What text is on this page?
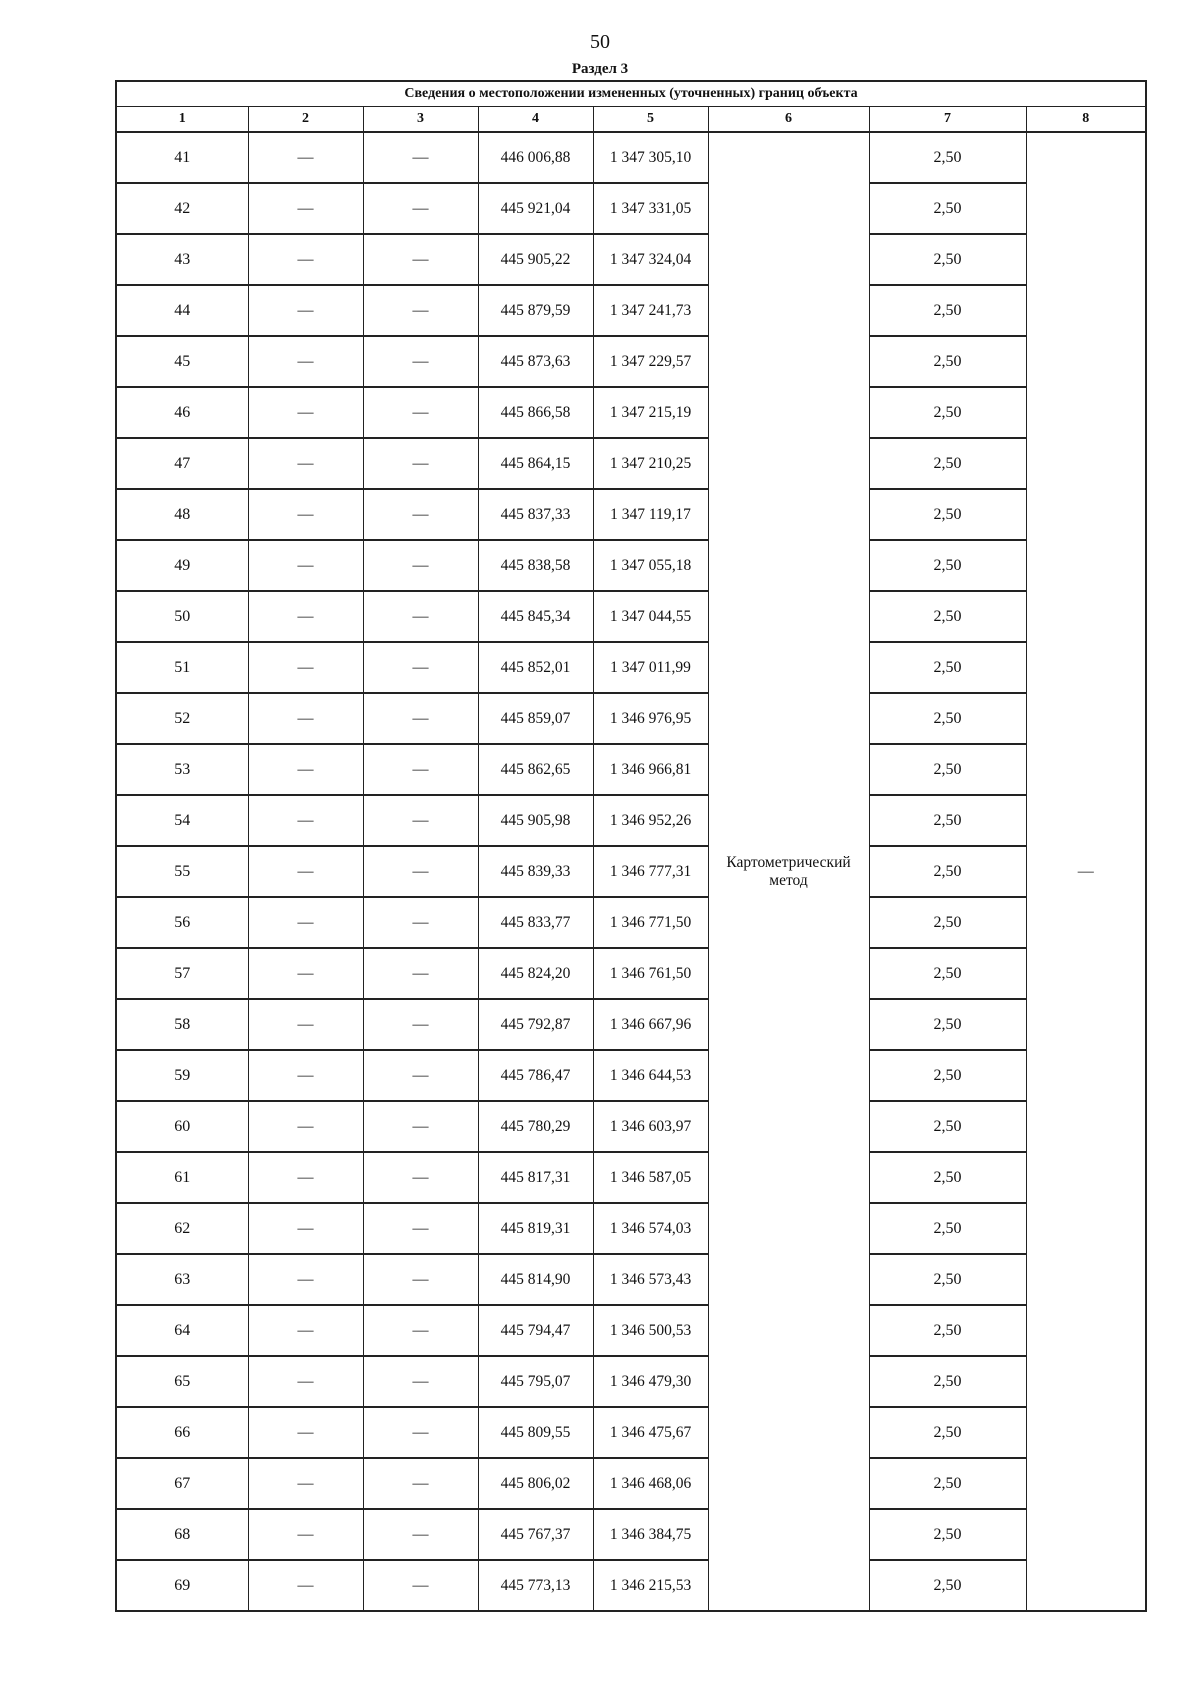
50
Раздел 3
Сведения о местоположении измененных (уточненных) границ объекта							
1	2	3	4	5	6	7	8
41	—	—	446 006,88	1 347 305,10	Картометрический метод	2,50	—
42	—	—	445 921,04	1 347 331,05		2,50	
43	—	—	445 905,22	1 347 324,04		2,50	
44	—	—	445 879,59	1 347 241,73		2,50	
45	—	—	445 873,63	1 347 229,57		2,50	
46	—	—	445 866,58	1 347 215,19		2,50	
47	—	—	445 864,15	1 347 210,25		2,50	
48	—	—	445 837,33	1 347 119,17		2,50	
49	—	—	445 838,58	1 347 055,18		2,50	
50	—	—	445 845,34	1 347 044,55		2,50	
51	—	—	445 852,01	1 347 011,99		2,50	
52	—	—	445 859,07	1 346 976,95		2,50	
53	—	—	445 862,65	1 346 966,81		2,50	
54	—	—	445 905,98	1 346 952,26		2,50	
55	—	—	445 839,33	1 346 777,31		2,50	
56	—	—	445 833,77	1 346 771,50		2,50	
57	—	—	445 824,20	1 346 761,50		2,50	
58	—	—	445 792,87	1 346 667,96		2,50	
59	—	—	445 786,47	1 346 644,53		2,50	
60	—	—	445 780,29	1 346 603,97		2,50	
61	—	—	445 817,31	1 346 587,05		2,50	
62	—	—	445 819,31	1 346 574,03		2,50	
63	—	—	445 814,90	1 346 573,43		2,50	
64	—	—	445 794,47	1 346 500,53		2,50	
65	—	—	445 795,07	1 346 479,30		2,50	
66	—	—	445 809,55	1 346 475,67		2,50	
67	—	—	445 806,02	1 346 468,06		2,50	
68	—	—	445 767,37	1 346 384,75		2,50	
69	—	—	445 773,13	1 346 215,53		2,50	
